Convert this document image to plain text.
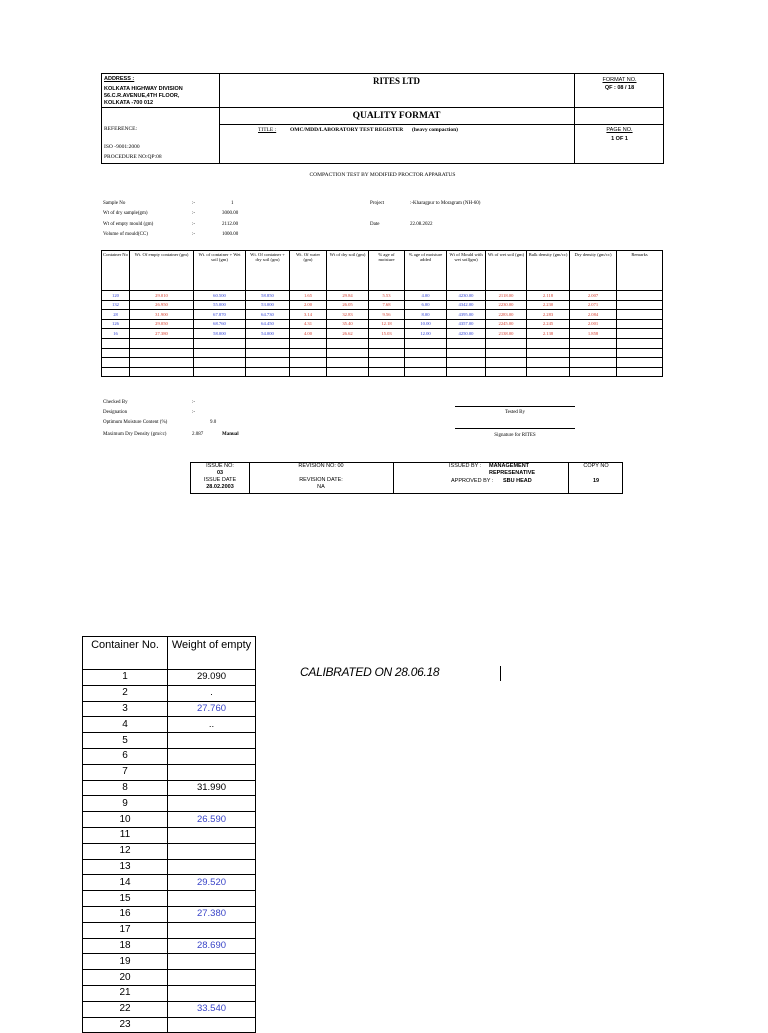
ADDRESS :
KOLKATA HIGHWAY DIVISION
56.C.R.AVENUE,4TH FLOOR,
KOLKATA -700 012
RITES LTD	FORMAT NO.
QF : 08 / 18
QUALITY FORMAT
REFERENCE:
ISO -9001:2000
PROCEDURE NO:QP:08
TITLE :	OMC/MDD/LABORATORY TEST REGISTER (heavy compaction)	PAGE NO.
1 OF 1
COMPACTION TEST BY MODIFIED PROCTOR APPARATUS
Sample No	:-	1
Wt of dry sample(gm)	:-	3000.00
Wt of empty mould (gm)	:-	2112.00
Volume of mould(CC)	:-	1000.00
Project	:-Kharagpur to Moragram (NH-60)
Date	22.08.2022
Container No	Wt. Of empty container (gm)	Wt. of container + Wet soil (gm)	Wt. Of container + dry soil (gm)	Wt. Of water (gm)	Wt of dry soil (gm)	% age of moisture	% age of moisture added	Wt of Mould with wet soil(gm)	Wt of wet soil (gm)	Bulk density (gm/cc)	Dry density (gm/cc)	Remarks
120	29.010	60.500	58.850	1.65	29.84	5.53	4.00	4230.00	2118.00	2.118	2.007	
132	26.950	55.000	53.000	2.00	26.05	7.68	6.00	4342.00	2230.00	2.230	2.071	
28	31.900	67.870	64.730	3.14	32.83	9.56	8.00	4395.00	2283.00	2.283	2.084	
126	29.050	68.760	64.450	4.31	35.40	12.18	10.00	4357.00	2245.00	2.245	2.001	
16	27.380	58.000	54.000	4.00	26.62	15.03	12.00	4250.00	2138.00	2.138	1.858	

Checked By	:-
Designation	:-
Optimum Moisture Content (%)	9.0
Maximum Dry Density (gm/cc)	2.087	Manual
Tested By
Signature for RITES
ISSUE NO:
03
ISSUE DATE
28.02.2003
REVISION NO: 00
REVISION DATE:
NA
ISSUED BY : MANAGEMENT
REPRESENATIVE
APPROVED BY : SBU HEAD
COPY NO
19
Container No.	Weight of empty
1	29.090
2	.
3	27.760
4	..
5	
6	
7	
8	31.990
9	
10	26.590
11	
12	
13	
14	29.520
15	
16	27.380
17	
18	28.690
19	
20	
21	
22	33.540
23	
CALIBRATED ON 28.06.18
